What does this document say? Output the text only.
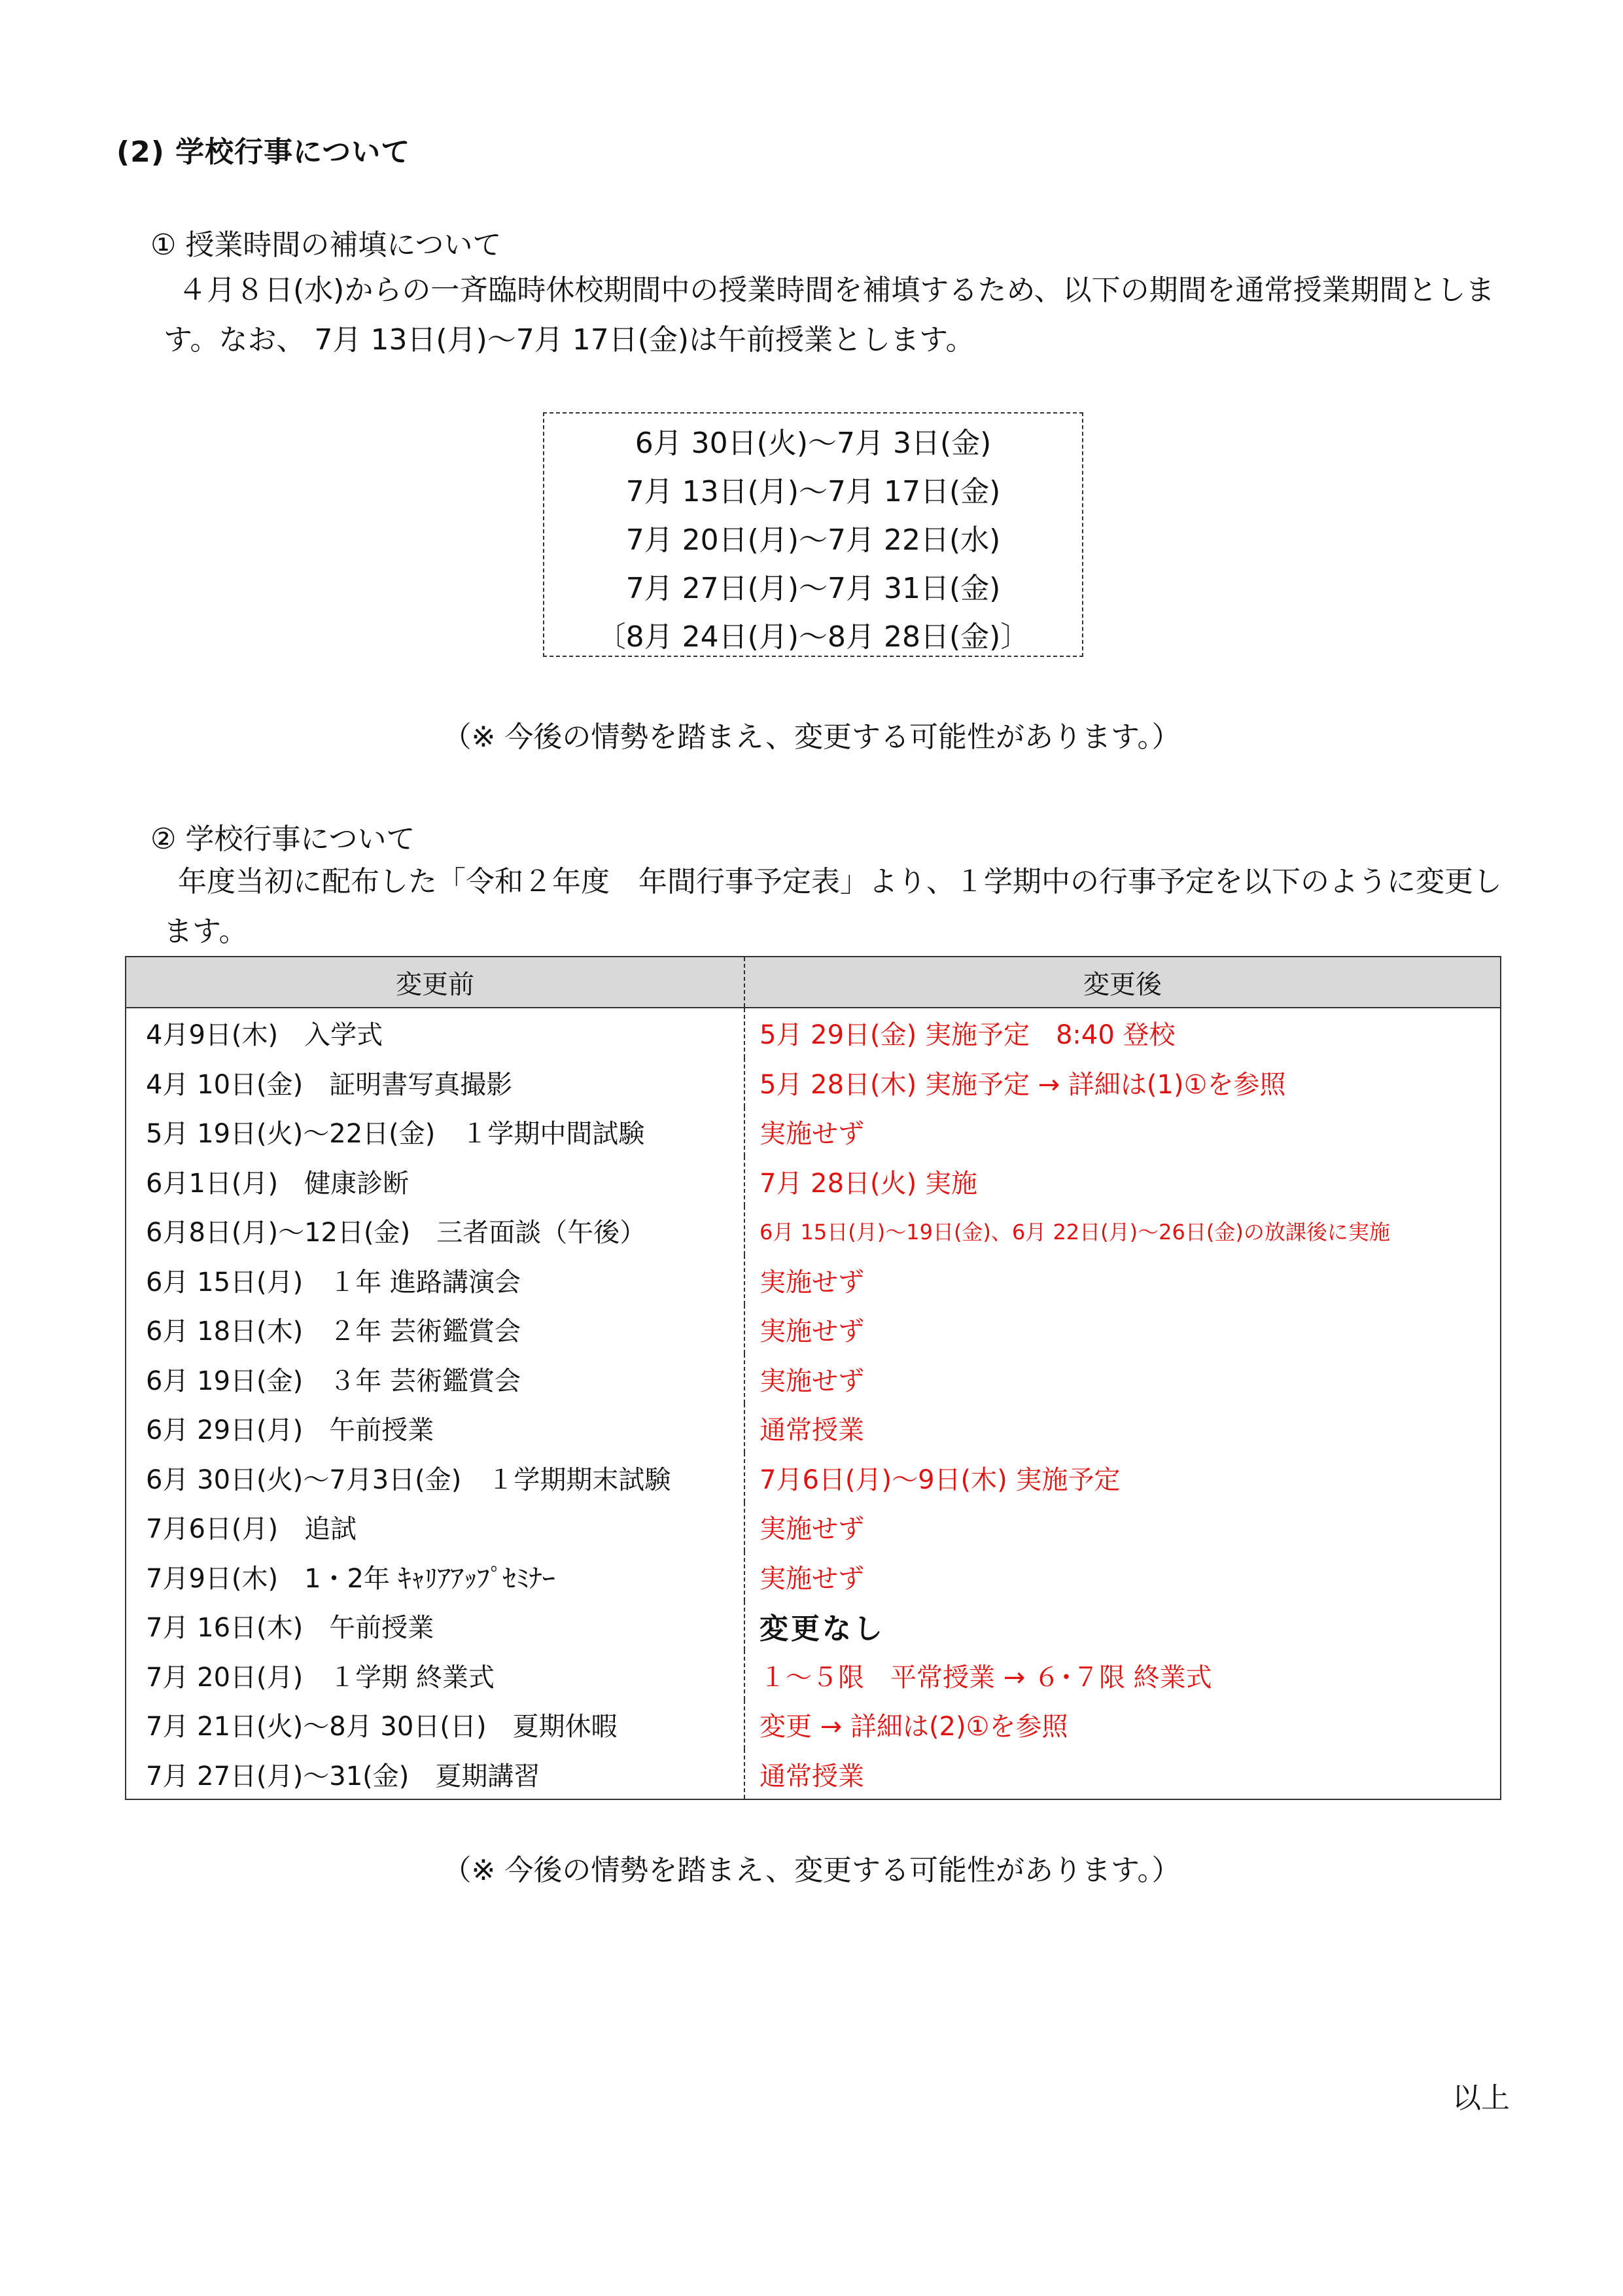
(2) 学校行事について
① 授業時間の補填について
４月８日(水)からの一斉臨時休校期間中の授業時間を補填するため、以下の期間を通常授業期間とします。なお、 7月 13日(月)～7月 17日(金)は午前授業とします。
6月 30日(火)～7月 3日(金)
7月 13日(月)～7月 17日(金)
7月 20日(月)～7月 22日(水)
7月 27日(月)～7月 31日(金)
〔8月 24日(月)～8月 28日(金)〕
（※ 今後の情勢を踏まえ、変更する可能性があります。）
② 学校行事について
年度当初に配布した「令和２年度　年間行事予定表」より、１学期中の行事予定を以下のように変更します。
変更前	変更後
4月9日(木)　入学式	5月 29日(金) 実施予定　8:40 登校
4月 10日(金)　証明書写真撮影	5月 28日(木) 実施予定 → 詳細は(1)①を参照
5月 19日(火)～22日(金)　１学期中間試験	実施せず
6月1日(月)　健康診断	7月 28日(火) 実施
6月8日(月)～12日(金)　三者面談（午後）	6月 15日(月)～19日(金)、6月 22日(月)～26日(金)の放課後に実施
6月 15日(月)　１年 進路講演会	実施せず
6月 18日(木)　２年 芸術鑑賞会	実施せず
6月 19日(金)　３年 芸術鑑賞会	実施せず
6月 29日(月)　午前授業	通常授業
6月 30日(火)～7月3日(金)　１学期期末試験	7月6日(月)～9日(木) 実施予定
7月6日(月)　追試	実施せず
7月9日(木)　1・2年 ｷｬﾘｱｱｯﾌﾟｾﾐﾅｰ	実施せず
7月 16日(木)　午前授業	変更なし
7月 20日(月)　１学期 終業式	１～５限　平常授業 → ６･７限 終業式
7月 21日(火)～8月 30日(日)　夏期休暇	変更 → 詳細は(2)①を参照
7月 27日(月)～31(金)　夏期講習	通常授業
（※ 今後の情勢を踏まえ、変更する可能性があります。）
以上
